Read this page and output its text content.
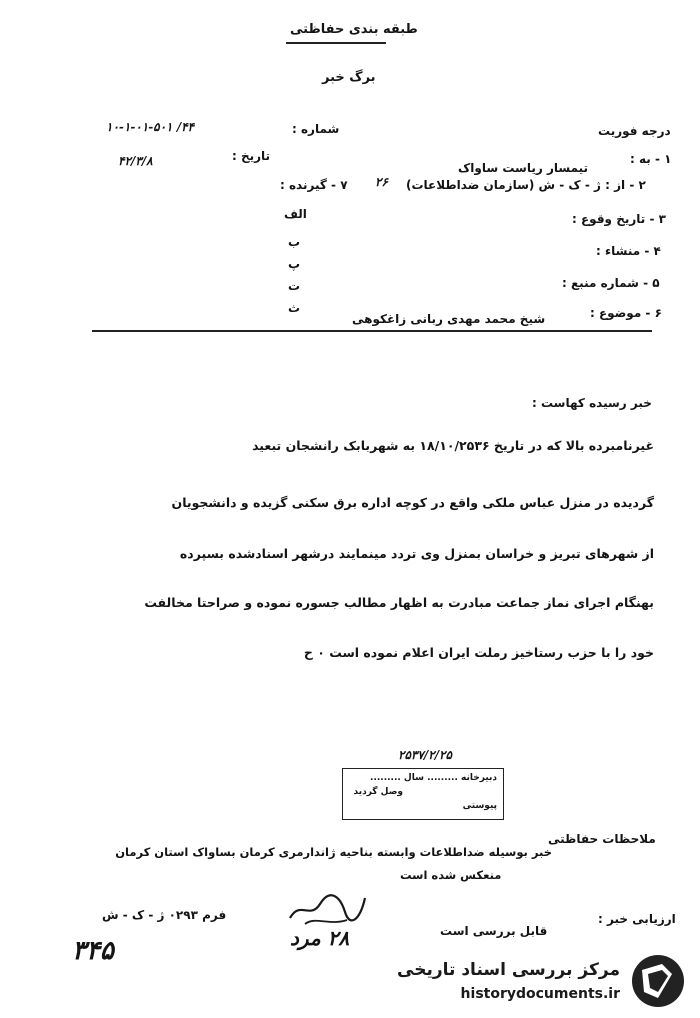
طبقه بندی حفاظتی
برگ خبر
شماره :
۴۴/ ۱۰-۱-۰۱-۵۰۱	درجه فوریت
تاریخ :
۴۲/۳/۸	۱ - به :
تیمسار ریاست ساواک
۲ - از : ژ - ک - ش (سازمان ضداطلاعات)
۲۶
۷ - گیرنده :
۳ - تاریخ وقوع :
۴ - منشاء :
۵ - شماره منبع :
۶ - موضوع :
شیخ محمد مهدی ربانی زاغکوهی
الف
ب
پ
ت
ث
خبر رسیده کهاست :
غیرنامبرده بالا که در تاریخ ۱۸/۱۰/۲۵۳۶ به شهربابک رانشجان تبعید
گردیده در منزل عباس ملکی واقع در کوچه اداره برق سکنی گزیده و دانشجویان
از شهرهای تبریز و خراسان بمنزل وی تردد مینمایند درشهر اسنادشده بسپرده
بهنگام اجرای نماز جماعت مبادرت به اظهار مطالب جسوره نموده و صراحتا مخالفت
خود را با حزب رستاخیز رملت ایران اعلام نموده است ۰ ح
۲۵۳۷/۲/۲۵
دبیرخانه ......... سال .........
وصل گردید
پیوستی
ملاحظات حفاظتی
خبر بوسیله ضداطلاعات وابسته بناحیه ژاندارمری کرمان بساواک استان کرمان
منعکس شده است
فرم ۰۲۹۳ ژ - ک - ش
۳۴۵
ارزیابی خبر :
قابل بررسی است
۲۸ مرد
مرکز بررسی اسناد تاریخی
historydocuments.ir
